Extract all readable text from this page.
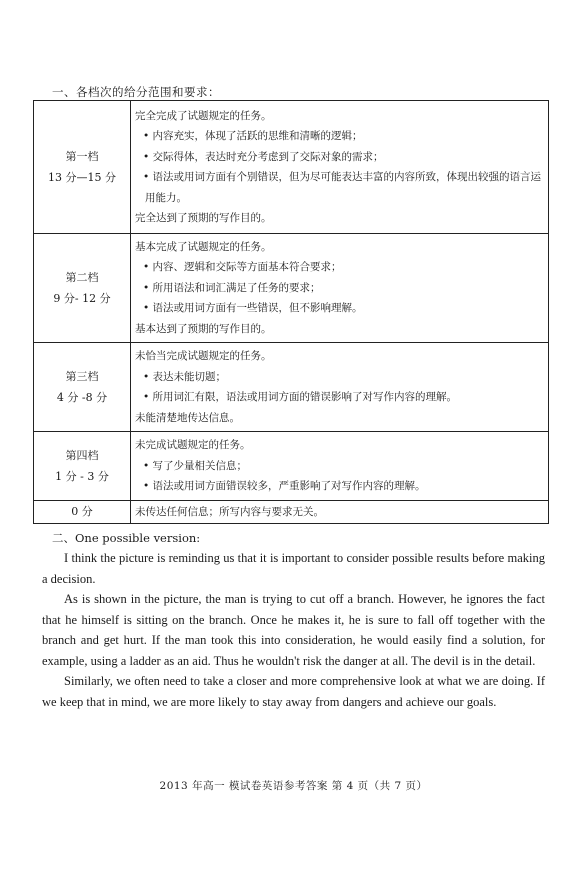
一、各档次的给分范围和要求：
第一档
13 分—15 分	完全完成了试题规定的任务。
• 内容充实，体现了活跃的思维和清晰的逻辑；
• 交际得体，表达时充分考虑到了交际对象的需求；
• 语法或用词方面有个别错误，但为尽可能表达丰富的内容所致，体现出较强的语言运用能力。
完全达到了预期的写作目的。

第二档
9 分- 12 分	基本完成了试题规定的任务。
• 内容、逻辑和交际等方面基本符合要求；
• 所用语法和词汇满足了任务的要求；
• 语法或用词方面有一些错误，但不影响理解。
基本达到了预期的写作目的。

第三档
4 分 -8 分	未恰当完成试题规定的任务。
• 表达未能切题；
• 所用词汇有限，语法或用词方面的错误影响了对写作内容的理解。
未能清楚地传达信息。

第四档
1 分 - 3 分	未完成试题规定的任务。
• 写了少量相关信息；
• 语法或用词方面错误较多，严重影响了对写作内容的理解。

0 分	未传达任何信息；所写内容与要求无关。
二、One possible version:

I think the picture is reminding us that it is important to consider possible results before making a decision.

As is shown in the picture, the man is trying to cut off a branch. However, he ignores the fact that he himself is sitting on the branch. Once he makes it, he is sure to fall off together with the branch and get hurt. If the man took this into consideration, he would easily find a solution, for example, using a ladder as an aid. Thus he wouldn't risk the danger at all. The devil is in the detail.

Similarly, we often need to take a closer and more comprehensive look at what we are doing. If we keep that in mind, we are more likely to stay away from dangers and achieve our goals.

2013 年高一 模试卷英语参考答案 第 4 页（共 7 页）
